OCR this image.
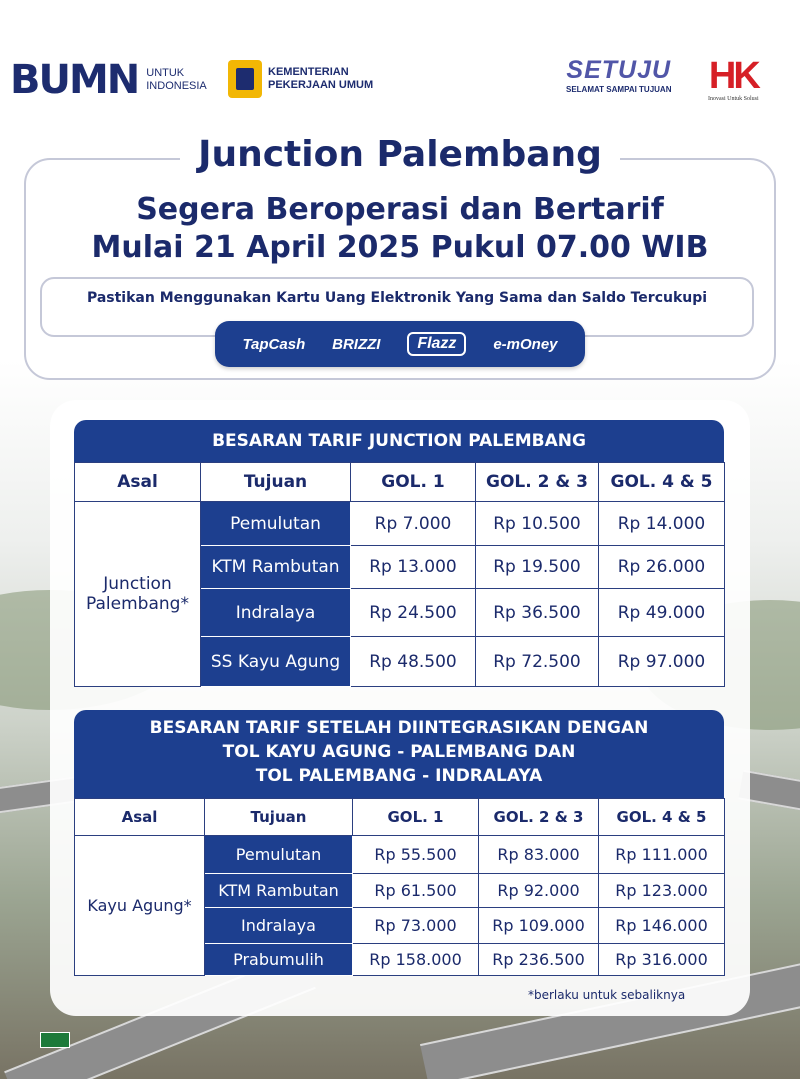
BUMN UNTUK
INDONESIA
KEMENTERIAN
PEKERJAAN UMUM
SETUJU
SELAMAT SAMPAI TUJUAN HK
Inovasi Untuk Solusi
Junction Palembang
Segera Beroperasi dan Bertarif
Mulai 21 April 2025 Pukul 07.00 WIB
Pastikan Menggunakan Kartu Uang Elektronik Yang Sama dan Saldo Tercukupi
TapCash BRIZZI	Flazz	e-mOney
BESARAN TARIF JUNCTION PALEMBANG
Asal	Tujuan	GOL. 1	GOL. 2 & 3	GOL. 4 & 5
Junction Palembang*	Pemulutan	Rp 7.000	Rp 10.500	Rp 14.000
	KTM Rambutan	Rp 13.000	Rp 19.500	Rp 26.000
	Indralaya	Rp 24.500	Rp 36.500	Rp 49.000
	SS Kayu Agung	Rp 48.500	Rp 72.500	Rp 97.000
BESARAN TARIF SETELAH DIINTEGRASIKAN DENGAN
TOL KAYU AGUNG - PALEMBANG DAN
TOL PALEMBANG - INDRALAYA
Asal	Tujuan	GOL. 1	GOL. 2 & 3	GOL. 4 & 5
Kayu Agung*	Pemulutan	Rp 55.500	Rp 83.000	Rp 111.000
	KTM Rambutan	Rp 61.500	Rp 92.000	Rp 123.000
	Indralaya	Rp 73.000	Rp 109.000	Rp 146.000
	Prabumulih	Rp 158.000	Rp 236.500	Rp 316.000
*berlaku untuk sebaliknya
